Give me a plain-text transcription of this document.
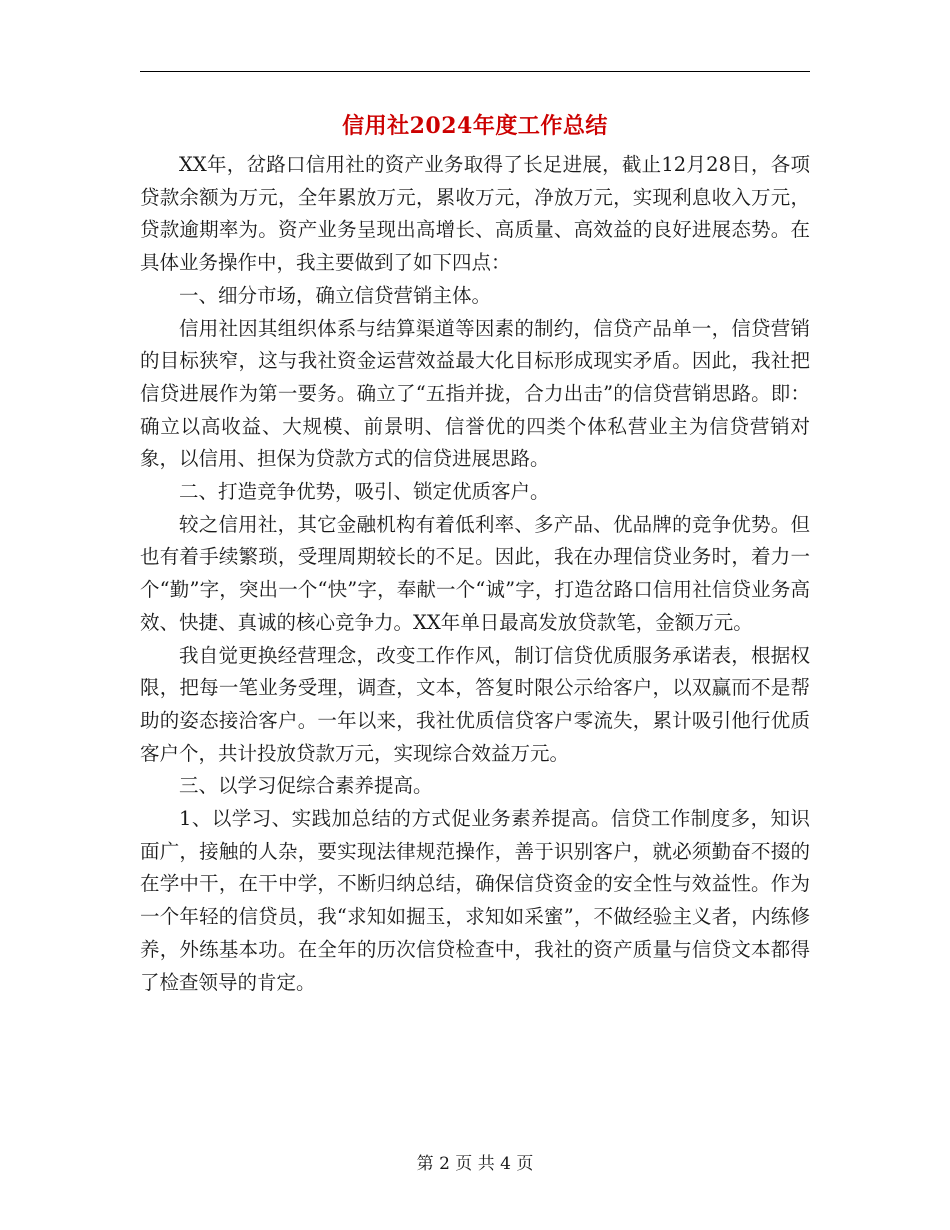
信用社2024年度工作总结

XX年，岔路口信用社的资产业务取得了长足进展，截止12月28日，各项贷款余额为万元，全年累放万元，累收万元，净放万元，实现利息收入万元，贷款逾期率为。资产业务呈现出高增长、高质量、高效益的良好进展态势。在具体业务操作中，我主要做到了如下四点：

一、细分市场，确立信贷营销主体。

信用社因其组织体系与结算渠道等因素的制约，信贷产品单一，信贷营销的目标狭窄，这与我社资金运营效益最大化目标形成现实矛盾。因此，我社把信贷进展作为第一要务。确立了“五指并拢，合力出击”的信贷营销思路。即：确立以高收益、大规模、前景明、信誉优的四类个体私营业主为信贷营销对象，以信用、担保为贷款方式的信贷进展思路。

二、打造竞争优势，吸引、锁定优质客户。

较之信用社，其它金融机构有着低利率、多产品、优品牌的竞争优势。但也有着手续繁琐，受理周期较长的不足。因此，我在办理信贷业务时，着力一个“勤”字，突出一个“快”字，奉献一个“诚”字，打造岔路口信用社信贷业务高效、快捷、真诚的核心竞争力。XX年单日最高发放贷款笔，金额万元。

我自觉更换经营理念，改变工作作风，制订信贷优质服务承诺表，根据权限，把每一笔业务受理，调查，文本，答复时限公示给客户，以双赢而不是帮助的姿态接洽客户。一年以来，我社优质信贷客户零流失，累计吸引他行优质客户个，共计投放贷款万元，实现综合效益万元。

三、以学习促综合素养提高。

1、以学习、实践加总结的方式促业务素养提高。信贷工作制度多，知识面广，接触的人杂，要实现法律规范操作，善于识别客户，就必须勤奋不掇的在学中干，在干中学，不断归纳总结，确保信贷资金的安全性与效益性。作为一个年轻的信贷员，我“求知如掘玉，求知如采蜜”，不做经验主义者，内练修养，外练基本功。在全年的历次信贷检查中，我社的资产质量与信贷文本都得了检查领导的肯定。

第 2 页 共 4 页
